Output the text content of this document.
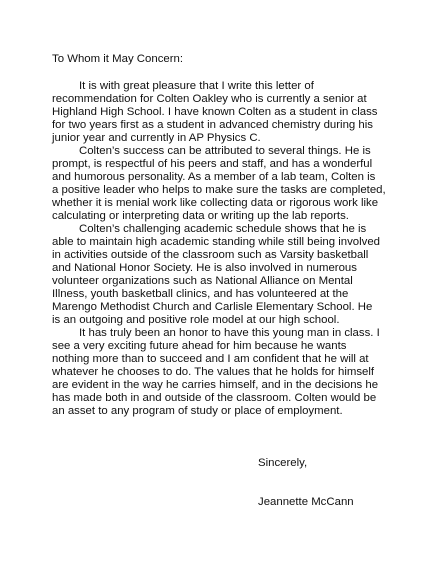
To Whom it May Concern:
It is with great pleasure that I write this letter of
recommendation for Colten Oakley who is currently a senior at
Highland High School. I have known Colten as a student in class
for two years first as a student in advanced chemistry during his
junior year and currently in AP Physics C.
Colten’s success can be attributed to several things. He is
prompt, is respectful of his peers and staff, and has a wonderful
and humorous personality. As a member of a lab team, Colten is
a positive leader who helps to make sure the tasks are completed,
whether it is menial work like collecting data or rigorous work like
calculating or interpreting data or writing up the lab reports.
Colten’s challenging academic schedule shows that he is
able to maintain high academic standing while still being involved
in activities outside of the classroom such as Varsity basketball
and National Honor Society. He is also involved in numerous
volunteer organizations such as National Alliance on Mental
Illness, youth basketball clinics, and has volunteered at the
Marengo Methodist Church and Carlisle Elementary School. He
is an outgoing and positive role model at our high school.
It has truly been an honor to have this young man in class. I
see a very exciting future ahead for him because he wants
nothing more than to succeed and I am confident that he will at
whatever he chooses to do. The values that he holds for himself
are evident in the way he carries himself, and in the decisions he
has made both in and outside of the classroom. Colten would be
an asset to any program of study or place of employment.
Sincerely,
Jeannette McCann
